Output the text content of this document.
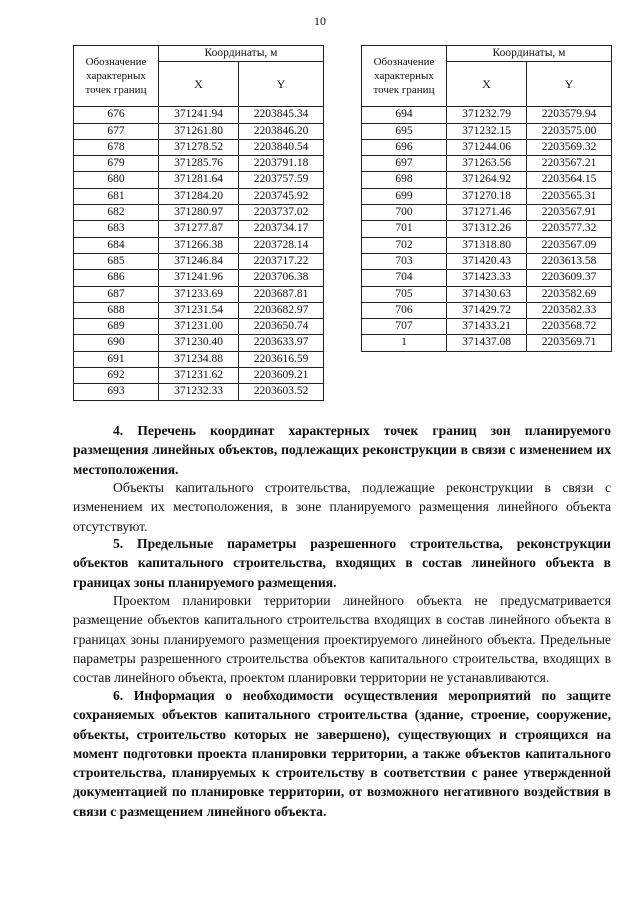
10
Обозначение характерных точек границ	Координаты, м	
	X	Y
676	371241.94	2203845.34
677	371261.80	2203846.20
678	371278.52	2203840.54
679	371285.76	2203791.18
680	371281.64	2203757.59
681	371284.20	2203745.92
682	371280.97	2203737.02
683	371277.87	2203734.17
684	371266.38	2203728.14
685	371246.84	2203717.22
686	371241.96	2203706.38
687	371233.69	2203687.81
688	371231.54	2203682.97
689	371231.00	2203650.74
690	371230.40	2203633.97
691	371234.88	2203616.59
692	371231.62	2203609.21
693	371232.33	2203603.52
Обозначение характерных точек границ	Координаты, м	
	X	Y
694	371232.79	2203579.94
695	371232.15	2203575.00
696	371244.06	2203569.32
697	371263.56	2203567.21
698	371264.92	2203564.15
699	371270.18	2203565.31
700	371271.46	2203567.91
701	371312.26	2203577.32
702	371318.80	2203567.09
703	371420.43	2203613.58
704	371423.33	2203609.37
705	371430.63	2203582.69
706	371429.72	2203582.33
707	371433.21	2203568.72
1	371437.08	2203569.71
4. Перечень координат характерных точек границ зон планируемого размещения линейных объектов, подлежащих реконструкции в связи с изменением их местоположения.
Объекты капитального строительства, подлежащие реконструкции в связи с изменением их местоположения, в зоне планируемого размещения линейного объекта отсутствуют.
5. Предельные параметры разрешенного строительства, реконструкции объектов капитального строительства, входящих в состав линейного объекта в границах зоны планируемого размещения.
Проектом планировки территории линейного объекта не предусматривается размещение объектов капитального строительства входящих в состав линейного объекта в границах зоны планируемого размещения проектируемого линейного объекта. Предельные параметры разрешенного строительства объектов капитального строительства, входящих в состав линейного объекта, проектом планировки территории не устанавливаются.
6. Информация о необходимости осуществления мероприятий по защите сохраняемых объектов капитального строительства (здание, строение, сооружение, объекты, строительство которых не завершено), существующих и строящихся на момент подготовки проекта планировки территории, а также объектов капитального строительства, планируемых к строительству в соответствии с ранее утвержденной документацией по планировке территории, от возможного негативного воздействия в связи с размещением линейного объекта.
